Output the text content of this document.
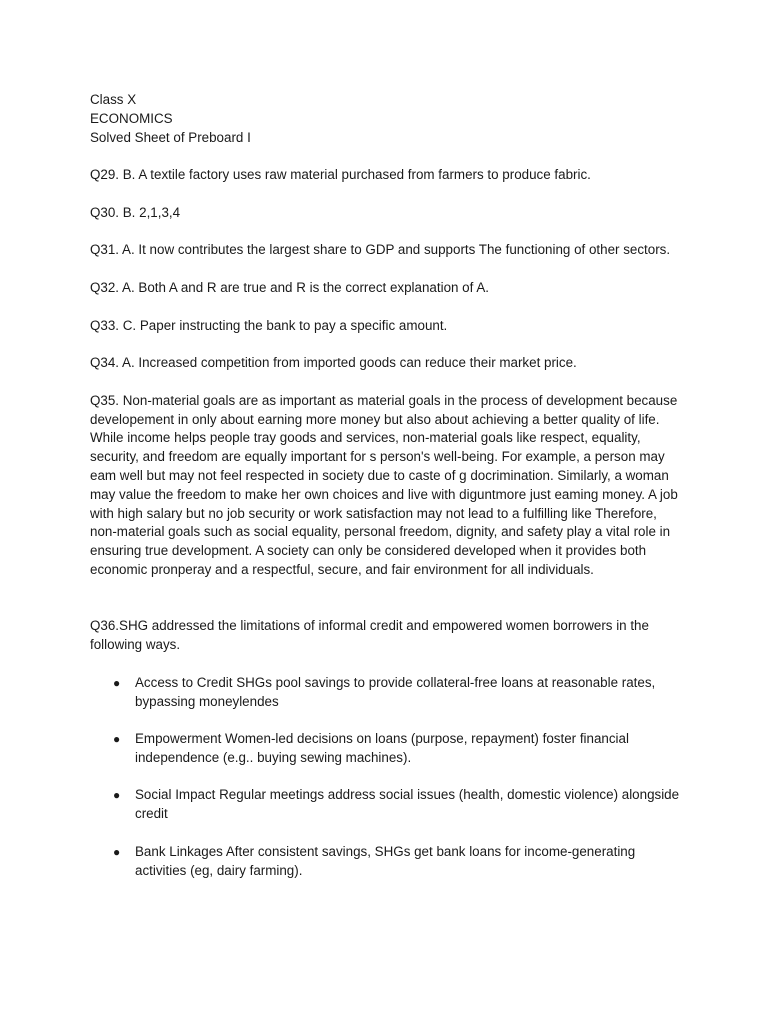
Class X
ECONOMICS
Solved Sheet of Preboard I

Q29. B. A textile factory uses raw material purchased from farmers to produce fabric.

Q30. B. 2,1,3,4

Q31. A. It now contributes the largest share to GDP and supports The functioning of other sectors.

Q32. A. Both A and R are true and R is the correct explanation of A.

Q33. C. Paper instructing the bank to pay a specific amount.

Q34. A. Increased competition from imported goods can reduce their market price.

Q35. Non-material goals are as important as material goals in the process of development because developement in only about earning more money but also about achieving a better quality of life. While income helps people tray goods and services, non-material goals like respect, equality, security, and freedom are equally important for s person's well-being. For example, a person may eam well but may not feel respected in society due to caste of g docrimination. Similarly, a woman may value the freedom to make her own choices and live with diguntmore just eaming money. A job with high salary but no job security or work satisfaction may not lead to a fulfilling like Therefore, non-material goals such as social equality, personal freedom, dignity, and safety play a vital role in ensuring true development. A society can only be considered developed when it provides both economic pronperay and a respectful, secure, and fair environment for all individuals.

Q36.SHG addressed the limitations of informal credit and empowered women borrowers in the following ways.

● Access to Credit SHGs pool savings to provide collateral-free loans at reasonable rates, bypassing moneylendes
● Empowerment Women-led decisions on loans (purpose, repayment) foster financial independence (e.g.. buying sewing machines).
● Social Impact Regular meetings address social issues (health, domestic violence) alongside credit
● Bank Linkages After consistent savings, SHGs get bank loans for income-generating activities (eg, dairy farming).
